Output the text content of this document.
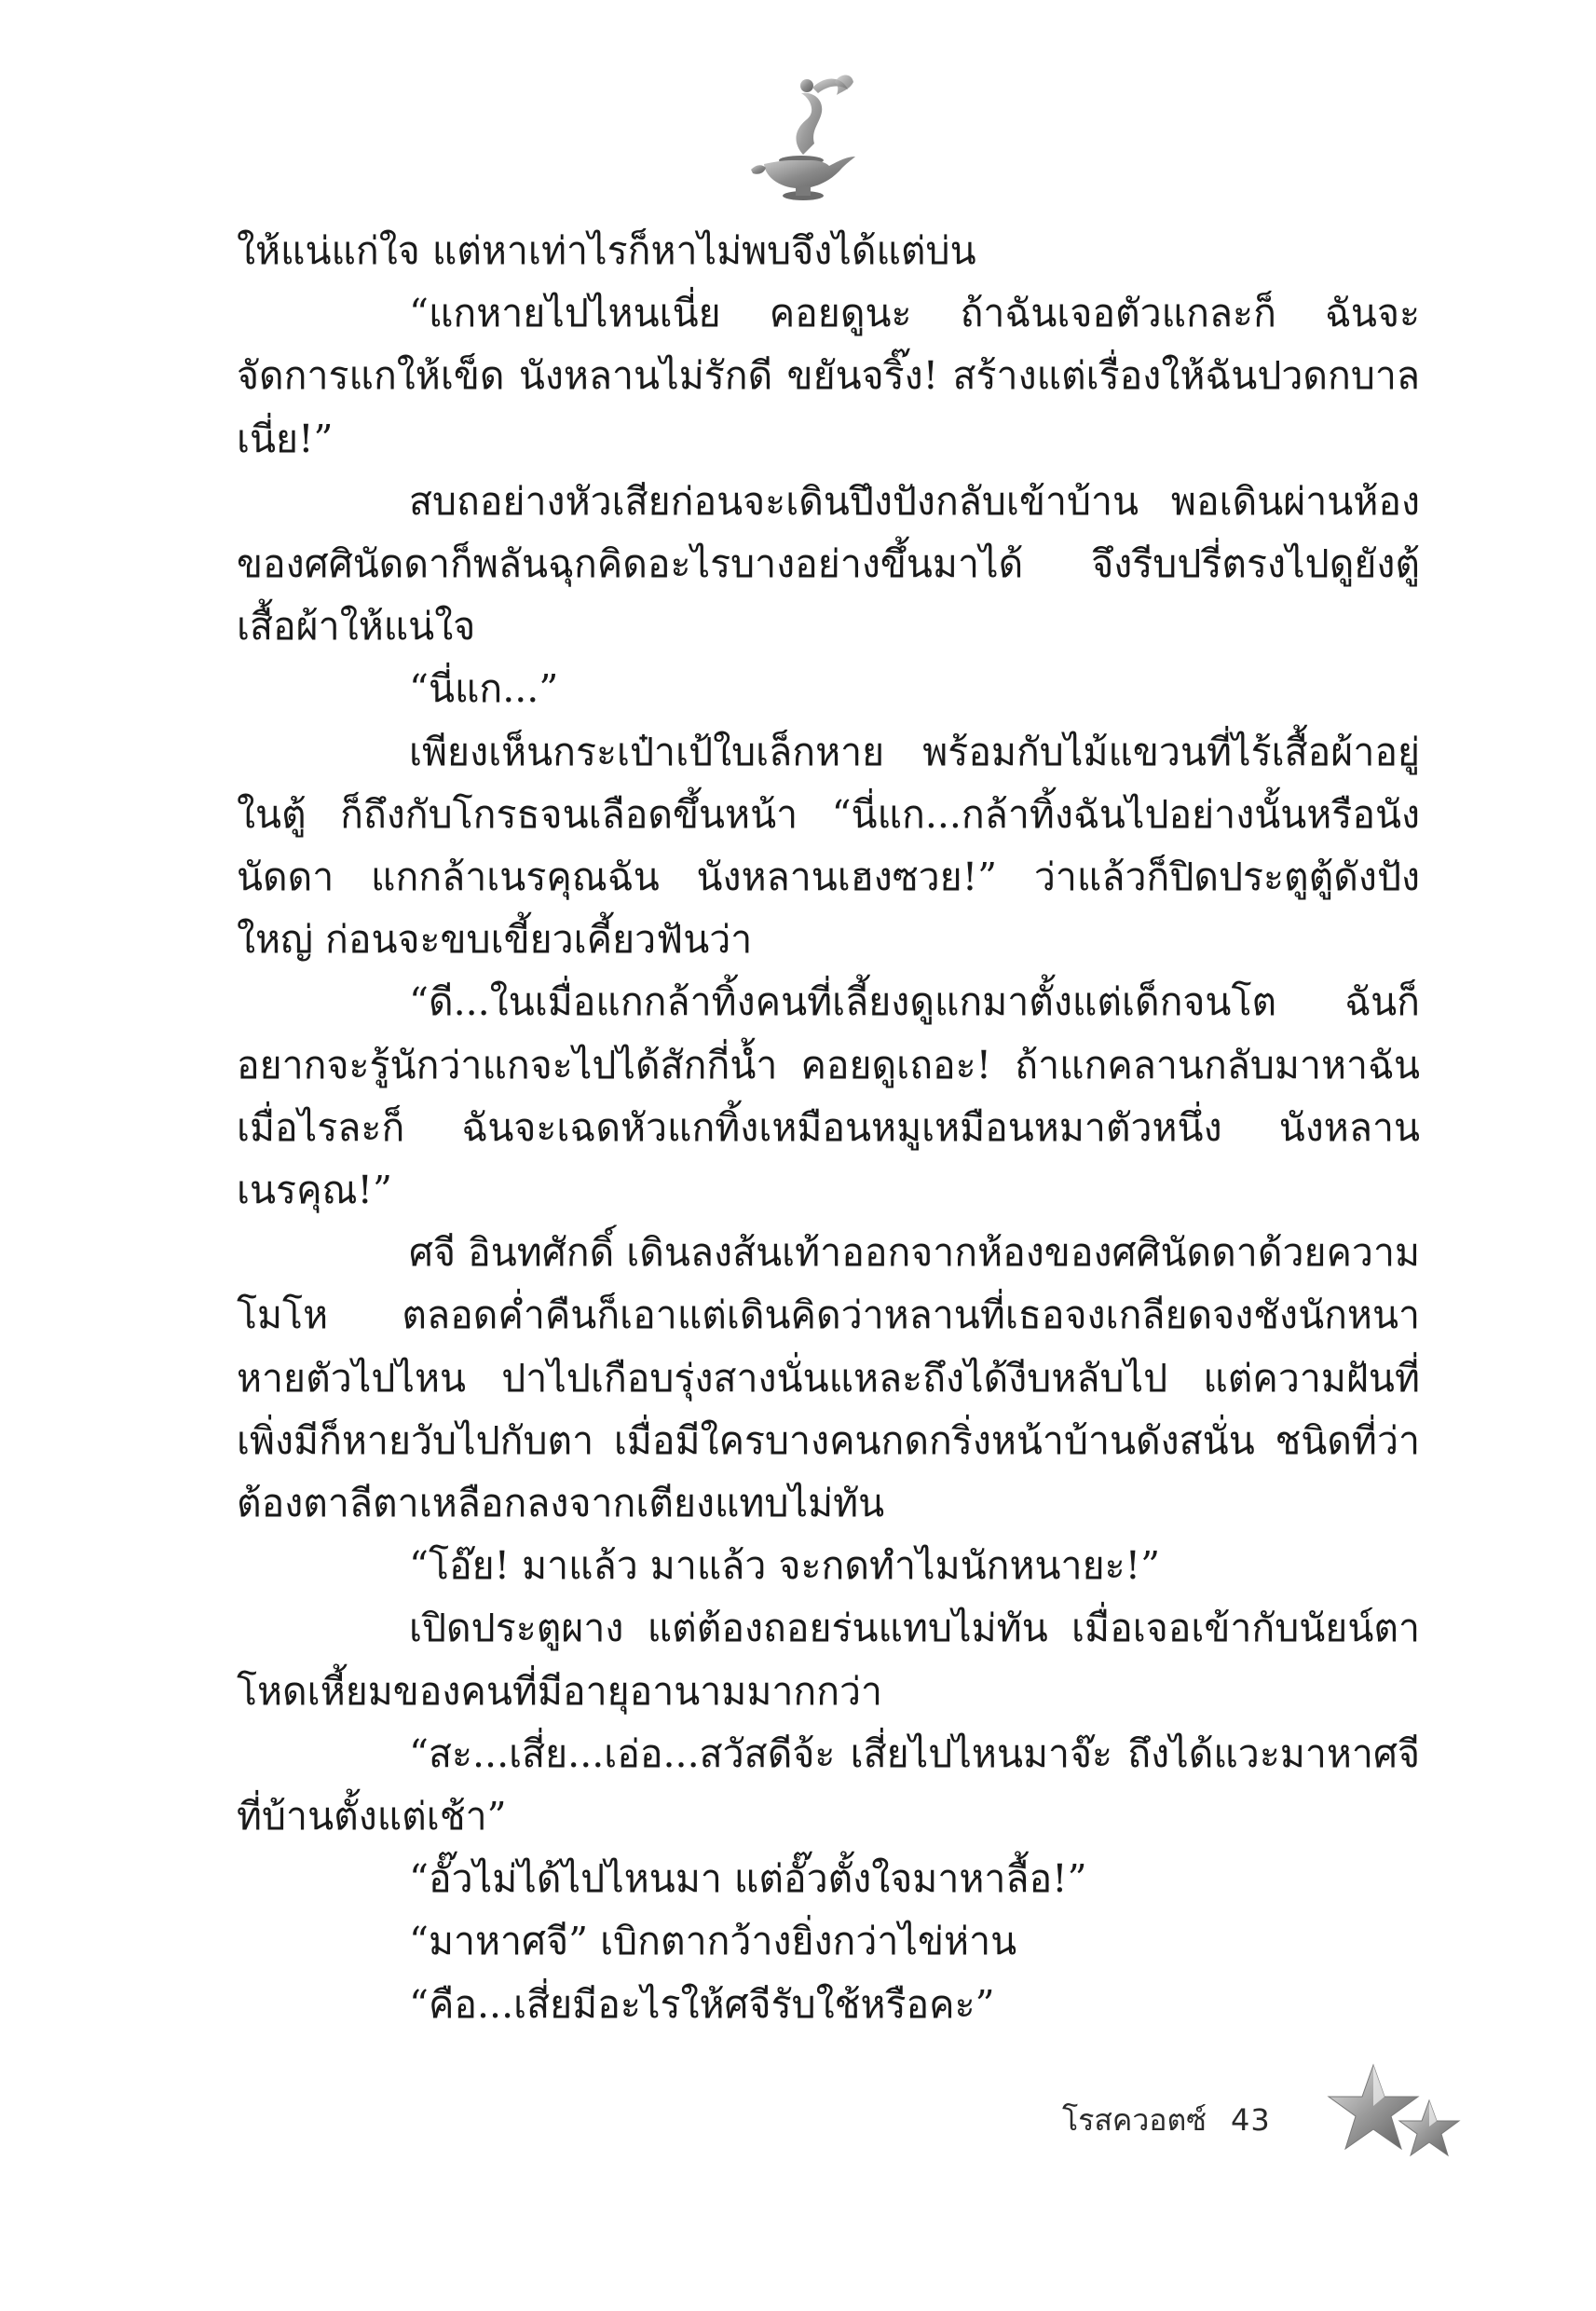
ให้แน่แก่ใจ แต่หาเท่าไรก็หาไม่พบจึงได้แต่บ่น

“แกหายไปไหนเนี่ย คอยดูนะ ถ้าฉันเจอตัวแกละก็ ฉันจะจัดการแกให้เข็ด นังหลานไม่รักดี ขยันจริ๊ง! สร้างแต่เรื่องให้ฉันปวดกบาลเนี่ย!”

สบถอย่างหัวเสียก่อนจะเดินปึงปังกลับเข้าบ้าน พอเดินผ่านห้องของศศินัดดาก็พลันฉุกคิดอะไรบางอย่างขึ้นมาได้ จึงรีบปรี่ตรงไปดูยังตู้เสื้อผ้าให้แน่ใจ

“นี่แก...”

เพียงเห็นกระเป๋าเป้ใบเล็กหาย พร้อมกับไม้แขวนที่ไร้เสื้อผ้าอยู่ในตู้ ก็ถึงกับโกรธจนเลือดขึ้นหน้า “นี่แก...กล้าทิ้งฉันไปอย่างนั้นหรือนังนัดดา แกกล้าเนรคุณฉัน นังหลานเฮงซวย!” ว่าแล้วก็ปิดประตูตู้ดังปังใหญ่ ก่อนจะขบเขี้ยวเคี้ยวฟันว่า

“ดี...ในเมื่อแกกล้าทิ้งคนที่เลี้ยงดูแกมาตั้งแต่เด็กจนโต ฉันก็อยากจะรู้นักว่าแกจะไปได้สักกี่น้ำ คอยดูเถอะ! ถ้าแกคลานกลับมาหาฉันเมื่อไรละก็ ฉันจะเฉดหัวแกทิ้งเหมือนหมูเหมือนหมาตัวหนึ่ง นังหลานเนรคุณ!”

ศจี อินทศักดิ์ เดินลงส้นเท้าออกจากห้องของศศินัดดาด้วยความโมโห ตลอดค่ำคืนก็เอาแต่เดินคิดว่าหลานที่เธอจงเกลียดจงชังนักหนาหายตัวไปไหน ปาไปเกือบรุ่งสางนั่นแหละถึงได้งีบหลับไป แต่ความฝันที่เพิ่งมีก็หายวับไปกับตา เมื่อมีใครบางคนกดกริ่งหน้าบ้านดังสนั่น ชนิดที่ว่าต้องตาลีตาเหลือกลงจากเตียงแทบไม่ทัน

“โอ๊ย! มาแล้ว มาแล้ว จะกดทำไมนักหนายะ!”

เปิดประตูผาง แต่ต้องถอยร่นแทบไม่ทัน เมื่อเจอเข้ากับนัยน์ตาโหดเหี้ยมของคนที่มีอายุอานามมากกว่า

“สะ...เสี่ย...เอ่อ...สวัสดีจ้ะ เสี่ยไปไหนมาจ๊ะ ถึงได้แวะมาหาศจีที่บ้านตั้งแต่เช้า”

“อั๊วไม่ได้ไปไหนมา แต่อั๊วตั้งใจมาหาลื้อ!”

“มาหาศจี” เบิกตากว้างยิ่งกว่าไข่ห่าน

“คือ...เสี่ยมีอะไรให้ศจีรับใช้หรือคะ”

โรสควอตซ์ 43
